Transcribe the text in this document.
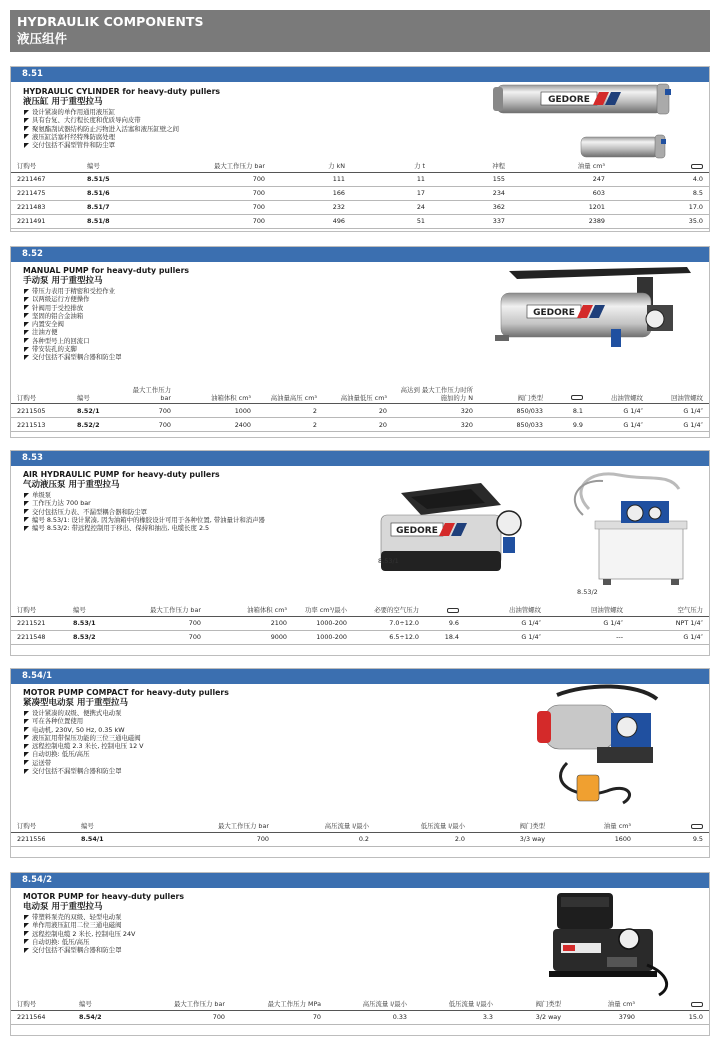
HYDRAULIK COMPONENTS
液压组件
8.51
HYDRAULIC CYLINDER for heavy-duty pullers
液压缸 用于重型拉马
设计紧凑的单作用通用液压缸
具有台复、大行程长度和优质导向皮带
聚氨酯刮试器结构防止污物进入活塞和液压缸壁之间
液压缸活塞杆经特殊防腐处理
交付包括不漏型管件和防尘罩
GEDORE
订购号	编号	最大工作压力 bar	力 kN	力 t	冲程	油量 cm³	
2211467	8.51/5	700	111	11	155	247	4.0
2211475	8.51/6	700	166	17	234	603	8.5
2211483	8.51/7	700	232	24	362	1201	17.0
2211491	8.51/8	700	496	51	337	2389	35.0
8.52
MANUAL PUMP for heavy-duty pullers
手动泵 用于重型拉马
带压力表用于精密和受控作业
以两级运行方便操作
针阀用于受控排放
坚固的铝合金油箱
内置安全阀
注油方便
各种型号上的回流口
带安装孔的支脚
交付包括不漏型耦合器和防尘罩
GEDORE
订购号	编号	最大工作压力 bar	油箱体积 cm³	高油量高压 cm³	高油量低压 cm³	高达到 最大工作压力时所施加的力 N	阀门类型		出油管螺纹	回油管螺纹
2211505	8.52/1	700	1000	2	20	320	850/033	8.1	G 1/4″	G 1/4″
2211513	8.52/2	700	2400	2	20	320	850/033	9.9	G 1/4″	G 1/4″
8.53
AIR HYDRAULIC PUMP for heavy-duty pullers
气动液压泵 用于重型拉马
单级泵
工作压力达 700 bar
交付包括压力表、不漏型耦合器和防尘罩
编号 8.53/1: 设计紧凑, 因为油箱中的橡胶设计可用于各种位置, 带油量计和消声器
编号 8.53/2: 带远程控制用于移出、保持和抽出, 电缆长度 2.5	GEDORE
8.53/1
8.53/2
订购号	编号	最大工作压力 bar	油箱体积 cm³	功率 cm³/最小	必要的空气压力		出油管螺纹	回油管螺纹	空气压力
2211521	8.53/1	700	2100	1000-200	7.0÷12.0	9.6	G 1/4″	G 1/4″	NPT 1/4″
2211548	8.53/2	700	9000	1000-200	6.5÷12.0	18.4	G 1/4″	---	G 1/4″
8.54/1
MOTOR PUMP COMPACT for heavy-duty pullers
紧凑型电动泵 用于重型拉马
设计紧凑的双级、便携式电动泵
可在各种位置使用
电动机, 230V, 50 Hz, 0.35 kW
液压缸用带保压功能的三位三通电磁阀
远程控制电缆 2.3 米长, 控制电压 12 V
自动切换: 低压/高压
运送带
交付包括不漏型耦合器和防尘罩
订购号	编号	最大工作压力 bar	高压流量 l/最小	低压流量 l/最小	阀门类型	油量 cm³	
2211556	8.54/1	700	0.2	2.0	3/3 way	1600	9.5
8.54/2
MOTOR PUMP for heavy-duty pullers
电动泵 用于重型拉马
带塑料泵壳的双级、轻型电动泵
单作用液压缸用二位三通电磁阀
远程控制电缆 2 米长, 控制电压 24V
自动切换: 低压/高压
交付包括不漏型耦合器和防尘罩
订购号	编号	最大工作压力 bar	最大工作压力 MPa	高压流量 l/最小	低压流量 l/最小	阀门类型	油量 cm³	
2211564	8.54/2	700	70	0.33	3.3	3/2 way	3790	15.0
